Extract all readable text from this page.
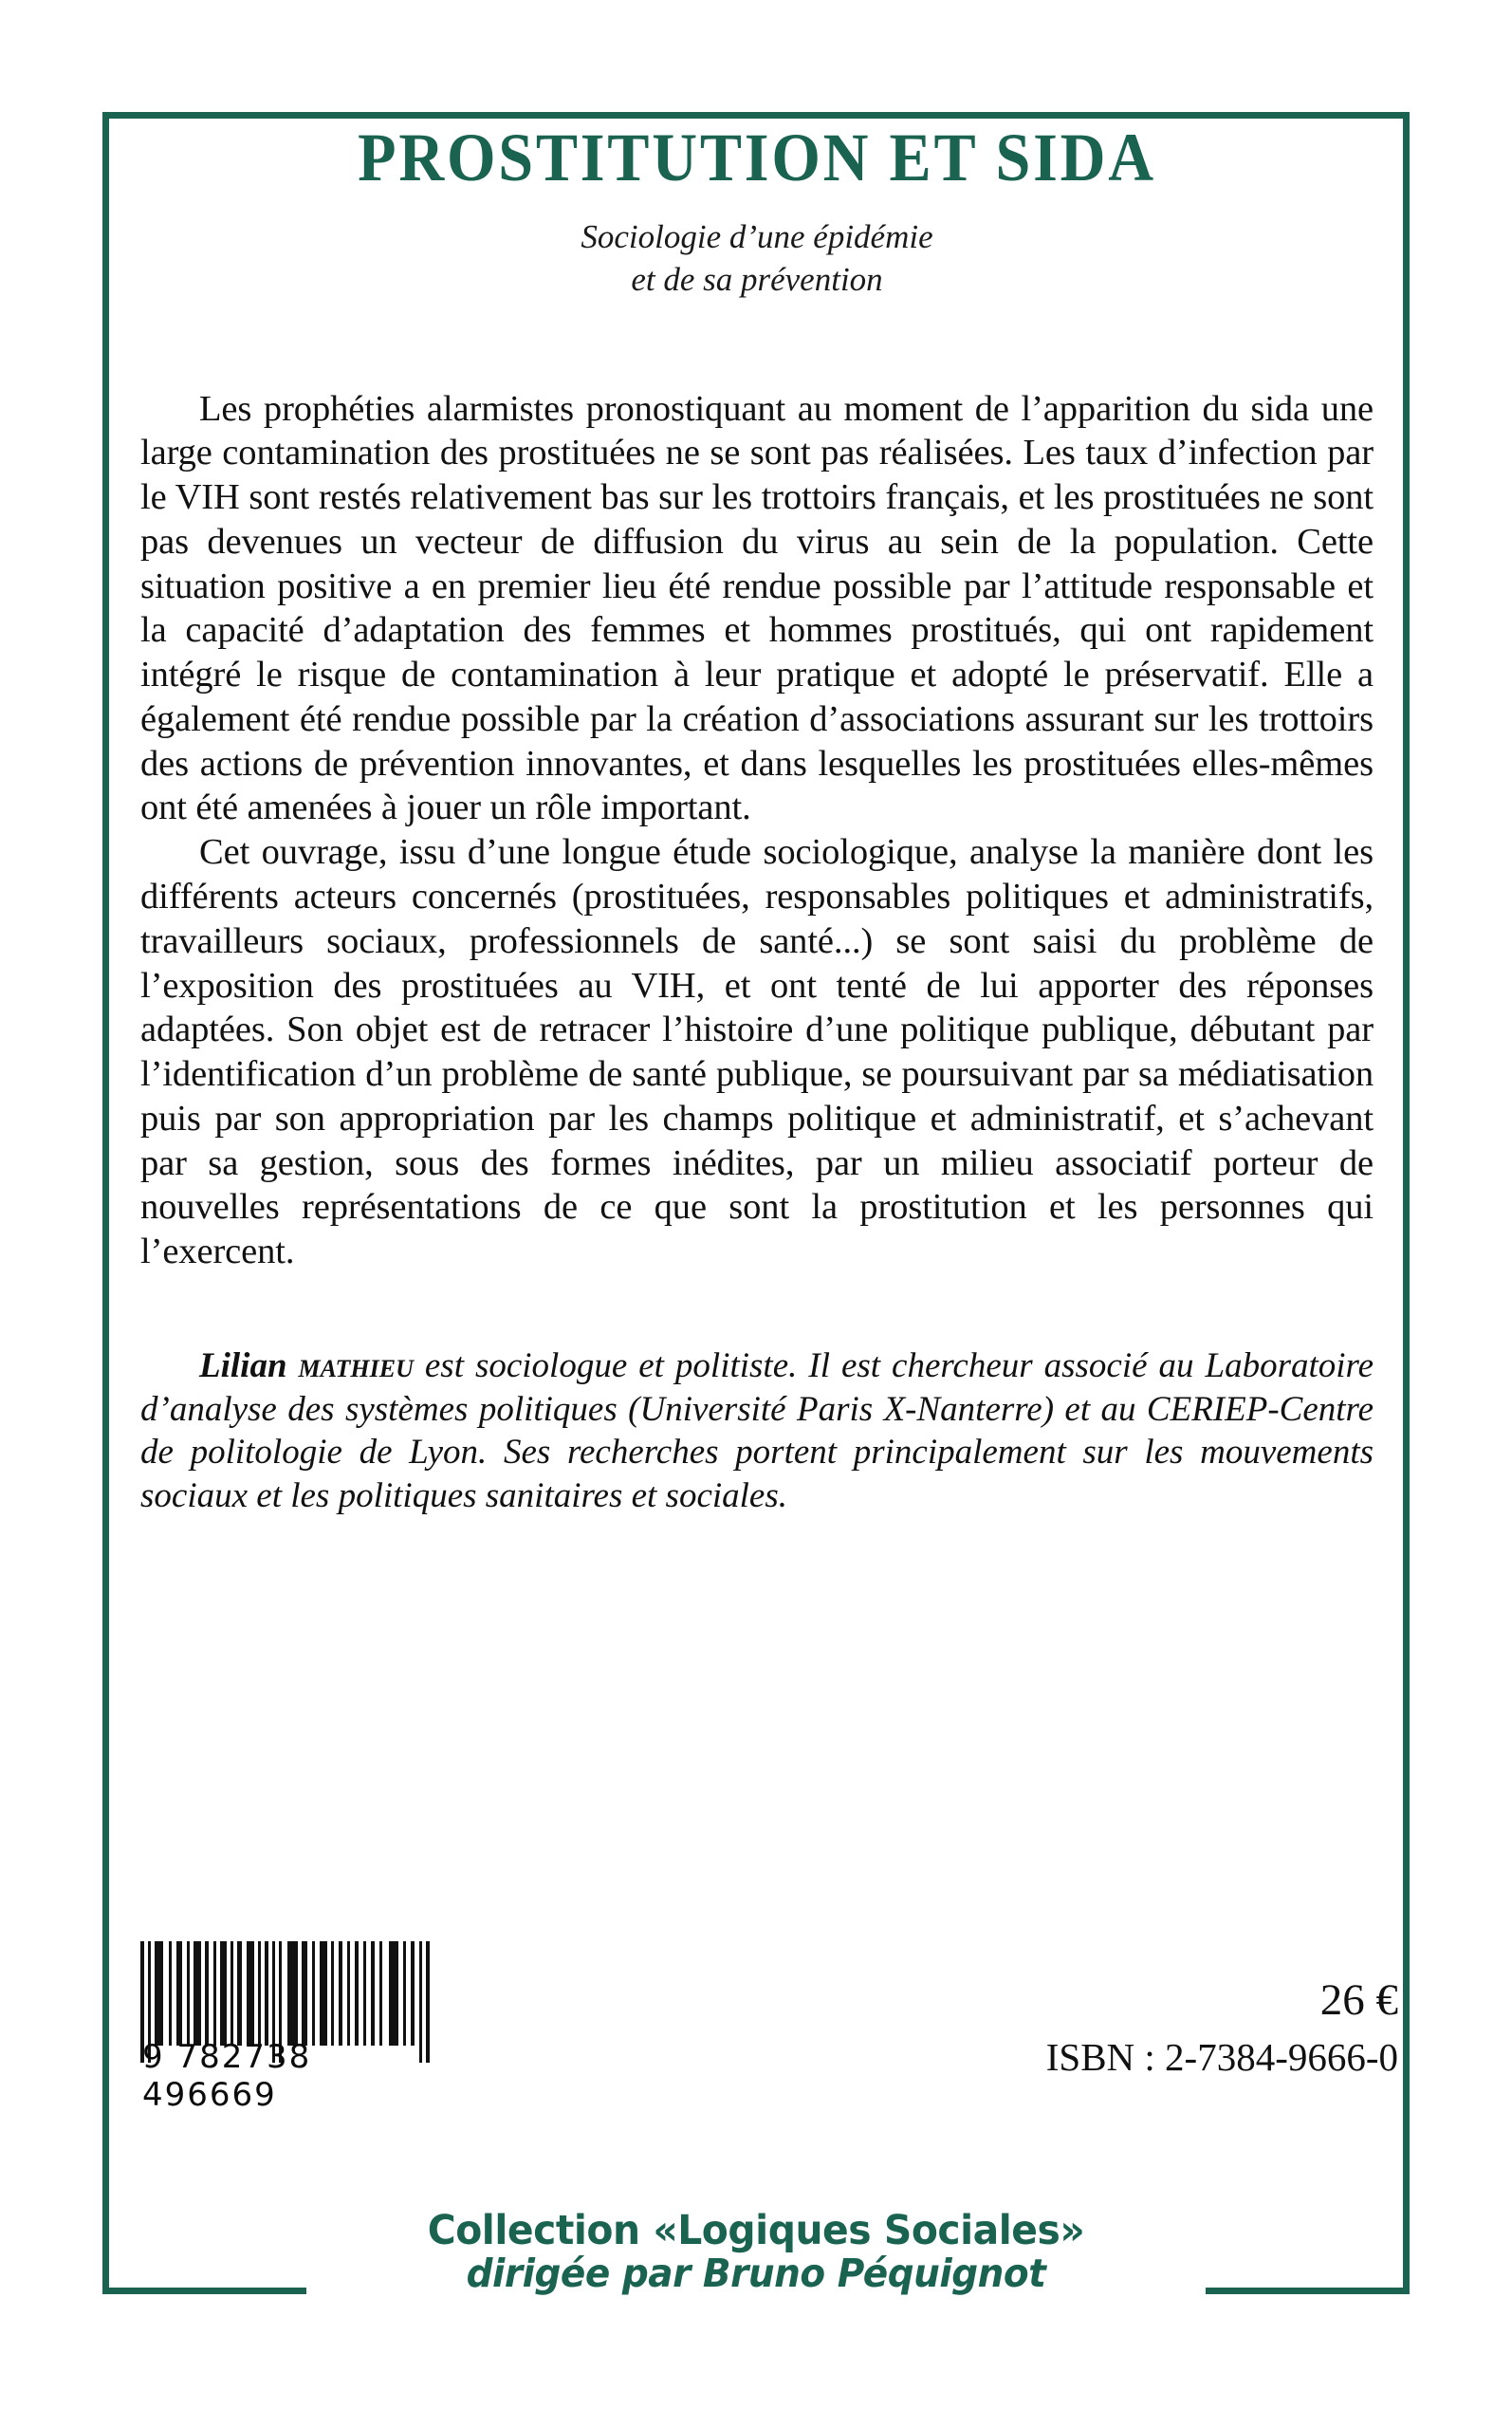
PROSTITUTION ET SIDA
Sociologie d’une épidémie
et de sa prévention

Les prophéties alarmistes pronostiquant au moment de l’apparition du sida une large contamination des prostituées ne se sont pas réalisées. Les taux d’infection par le VIH sont restés relativement bas sur les trottoirs français, et les prostituées ne sont pas devenues un vecteur de diffusion du virus au sein de la population. Cette situation positive a en premier lieu été rendue possible par l’attitude responsable et la capacité d’adaptation des femmes et hommes prostitués, qui ont rapidement intégré le risque de contamination à leur pratique et adopté le préservatif. Elle a également été rendue possible par la création d’associations assurant sur les trottoirs des actions de prévention innovantes, et dans lesquelles les prostituées elles-mêmes ont été amenées à jouer un rôle important.

Cet ouvrage, issu d’une longue étude sociologique, analyse la manière dont les différents acteurs concernés (prostituées, responsables politiques et administratifs, travailleurs sociaux, professionnels de santé...) se sont saisi du problème de l’exposition des prostituées au VIH, et ont tenté de lui apporter des réponses adaptées. Son objet est de retracer l’histoire d’une politique publique, débutant par l’identification d’un problème de santé publique, se poursuivant par sa médiatisation puis par son appropriation par les champs politique et administratif, et s’achevant par sa gestion, sous des formes inédites, par un milieu associatif porteur de nouvelles représentations de ce que sont la prostitution et les personnes qui l’exercent.

Lilian mathieu est sociologue et politiste. Il est chercheur associé au Laboratoire d’analyse des systèmes politiques (Université Paris X-Nanterre) et au CERIEP-Centre de politologie de Lyon. Ses recherches portent principalement sur les mouvements sociaux et les politiques sanitaires et sociales.

9 782738 496669
26 €
ISBN : 2-7384-9666-0
Collection «Logiques Sociales»
dirigée par Bruno Péquignot
